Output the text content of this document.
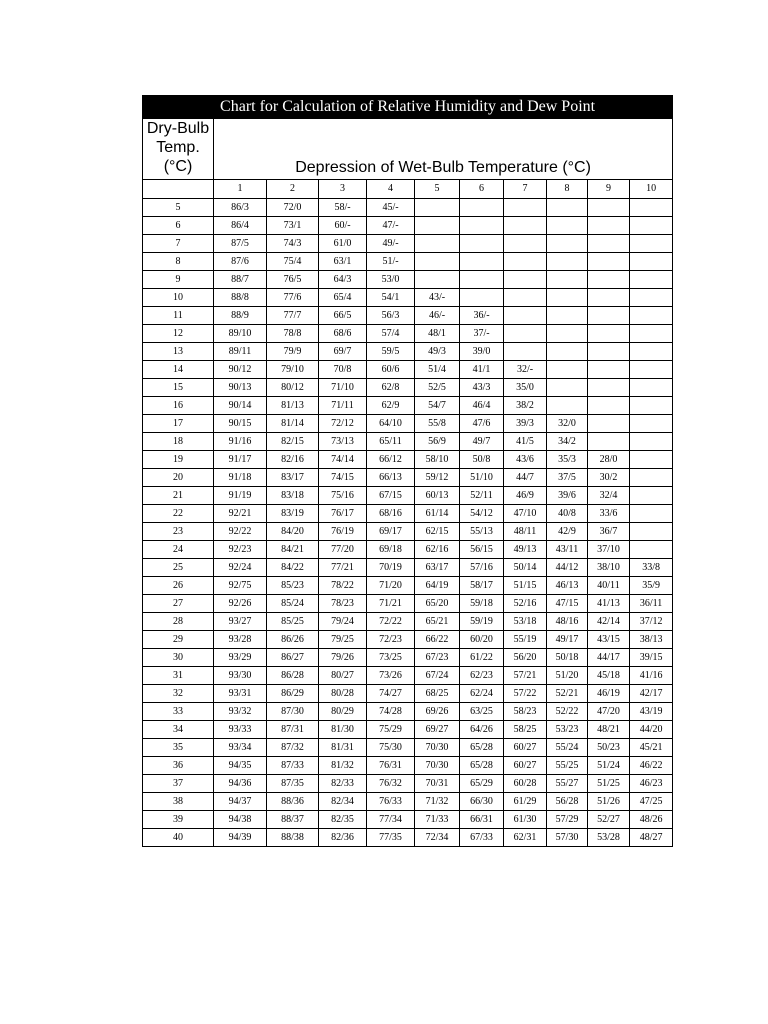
Chart for Calculation of Relative Humidity and Dew Point										

Dry-Bulb
Temp.
(°C)	Depression of Wet-Bulb Temperature (°C)									
	1	2	3	4	5	6	7	8	9	10
5	86/3	72/0	58/-	45/-						
6	86/4	73/1	60/-	47/-						
7	87/5	74/3	61/0	49/-						
8	87/6	75/4	63/1	51/-						
9	88/7	76/5	64/3	53/0						
10	88/8	77/6	65/4	54/1	43/-					
11	88/9	77/7	66/5	56/3	46/-	36/-				
12	89/10	78/8	68/6	57/4	48/1	37/-				
13	89/11	79/9	69/7	59/5	49/3	39/0				
14	90/12	79/10	70/8	60/6	51/4	41/1	32/-			
15	90/13	80/12	71/10	62/8	52/5	43/3	35/0			
16	90/14	81/13	71/11	62/9	54/7	46/4	38/2			
17	90/15	81/14	72/12	64/10	55/8	47/6	39/3	32/0		
18	91/16	82/15	73/13	65/11	56/9	49/7	41/5	34/2		
19	91/17	82/16	74/14	66/12	58/10	50/8	43/6	35/3	28/0	
20	91/18	83/17	74/15	66/13	59/12	51/10	44/7	37/5	30/2	
21	91/19	83/18	75/16	67/15	60/13	52/11	46/9	39/6	32/4	
22	92/21	83/19	76/17	68/16	61/14	54/12	47/10	40/8	33/6	
23	92/22	84/20	76/19	69/17	62/15	55/13	48/11	42/9	36/7	
24	92/23	84/21	77/20	69/18	62/16	56/15	49/13	43/11	37/10	
25	92/24	84/22	77/21	70/19	63/17	57/16	50/14	44/12	38/10	33/8
26	92/75	85/23	78/22	71/20	64/19	58/17	51/15	46/13	40/11	35/9
27	92/26	85/24	78/23	71/21	65/20	59/18	52/16	47/15	41/13	36/11
28	93/27	85/25	79/24	72/22	65/21	59/19	53/18	48/16	42/14	37/12
29	93/28	86/26	79/25	72/23	66/22	60/20	55/19	49/17	43/15	38/13
30	93/29	86/27	79/26	73/25	67/23	61/22	56/20	50/18	44/17	39/15
31	93/30	86/28	80/27	73/26	67/24	62/23	57/21	51/20	45/18	41/16
32	93/31	86/29	80/28	74/27	68/25	62/24	57/22	52/21	46/19	42/17
33	93/32	87/30	80/29	74/28	69/26	63/25	58/23	52/22	47/20	43/19
34	93/33	87/31	81/30	75/29	69/27	64/26	58/25	53/23	48/21	44/20
35	93/34	87/32	81/31	75/30	70/30	65/28	60/27	55/24	50/23	45/21
36	94/35	87/33	81/32	76/31	70/30	65/28	60/27	55/25	51/24	46/22
37	94/36	87/35	82/33	76/32	70/31	65/29	60/28	55/27	51/25	46/23
38	94/37	88/36	82/34	76/33	71/32	66/30	61/29	56/28	51/26	47/25
39	94/38	88/37	82/35	77/34	71/33	66/31	61/30	57/29	52/27	48/26
40	94/39	88/38	82/36	77/35	72/34	67/33	62/31	57/30	53/28	48/27
